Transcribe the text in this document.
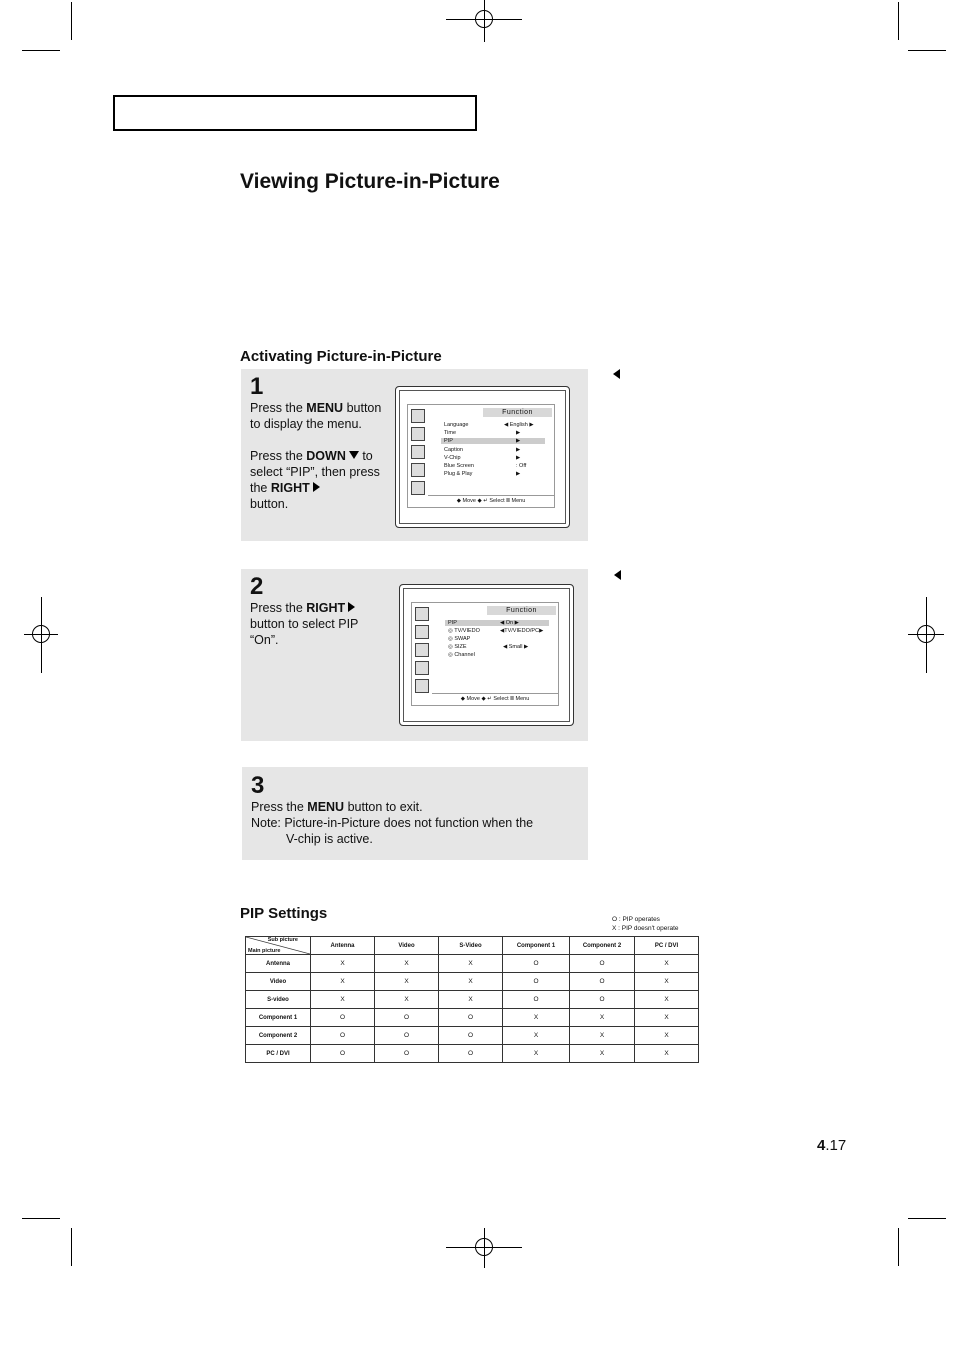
Viewing Picture-in-Picture
Activating Picture-in-Picture
1

Press the MENU button to display the menu.

Press the DOWN to select “PIP”, then press the RIGHT
button.

Function
Language	◀ English ▶
Time	▶
PIP	▶
Caption	▶
V-Chip	▶
Blue Screen	: Off
Plug & Play	▶
◆ Move ◆ ↵ Select Ⅲ Menu
2

Press the RIGHT
button to select PIP “On”.

Function
PIP	◀ On ▶
◎ TV/VIEDO	◀TV/VIEDO/PC▶
◎ SWAP
◎ SIZE	◀ Small ▶
◎ Channel
◆ Move ◆ ↵ Select Ⅲ Menu
3
Press the MENU button to exit.
Note: Picture-in-Picture does not function when the
V-chip is active.
PIP Settings	O : PIP operates
X : PIP doesn't operate
Sub picture
Main picture	Antenna	Video	S-Video	Component 1	Component 2	PC / DVI
Antenna	X	X	X	O	O	X
Video	X	X	X	O	O	X
S-video	X	X	X	O	O	X
Component 1	O	O	O	X	X	X
Component 2	O	O	O	X	X	X
PC / DVI	O	O	O	X	X	X
4.17
